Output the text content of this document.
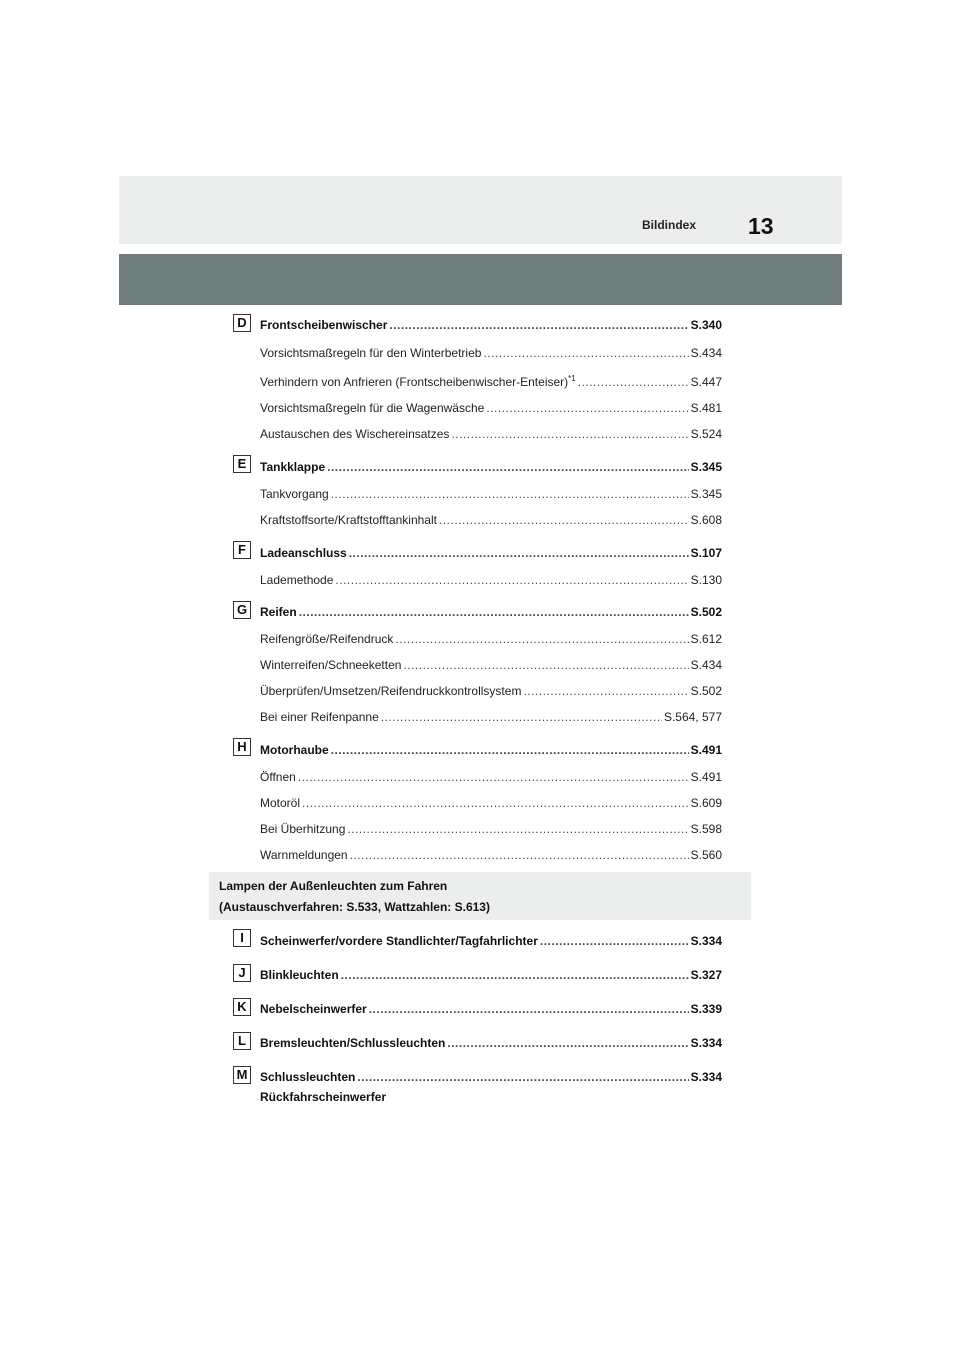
Bildindex 13
D	Frontscheibenwischer .....	S.340
Vorsichtsmaßregeln für den Winterbetrieb .....	S.434
Verhindern von Anfrieren (Frontscheibenwischer-Enteiser)$^{*1}$ .....	S.447
Vorsichtsmaßregeln für die Wagenwäsche .....	S.481
Austauschen des Wischereinsatzes .....	S.524
E	Tankklappe .....	S.345
Tankvorgang .....	S.345
Kraftstoffsorte/Kraftstofftankinhalt .....	S.608
F	Ladeanschluss .....	S.107
Lademethode .....	S.130
G	Reifen .....	S.502
Reifengröße/Reifendruck .....	S.612
Winterreifen/Schneeketten .....	S.434
Überprüfen/Umsetzen/Reifendruckkontrollsystem .....	S.502
Bei einer Reifenpanne .....	S.564, 577
H	Motorhaube .....	S.491
Öffnen .....	S.491
Motoröl .....	S.609
Bei Überhitzung .....	S.598
Warnmeldungen .....	S.560
Lampen der Außenleuchten zum Fahren
(Austauschverfahren: S.533, Wattzahlen: S.613)
I	Scheinwerfer/vordere Standlichter/Tagfahrlichter .....	S.334
J	Blinkleuchten .....	S.327
K	Nebelscheinwerfer .....	S.339
L	Bremsleuchten/Schlussleuchten .....	S.334
M Schlussleuchten .....	S.334
Rückfahrscheinwerfer
